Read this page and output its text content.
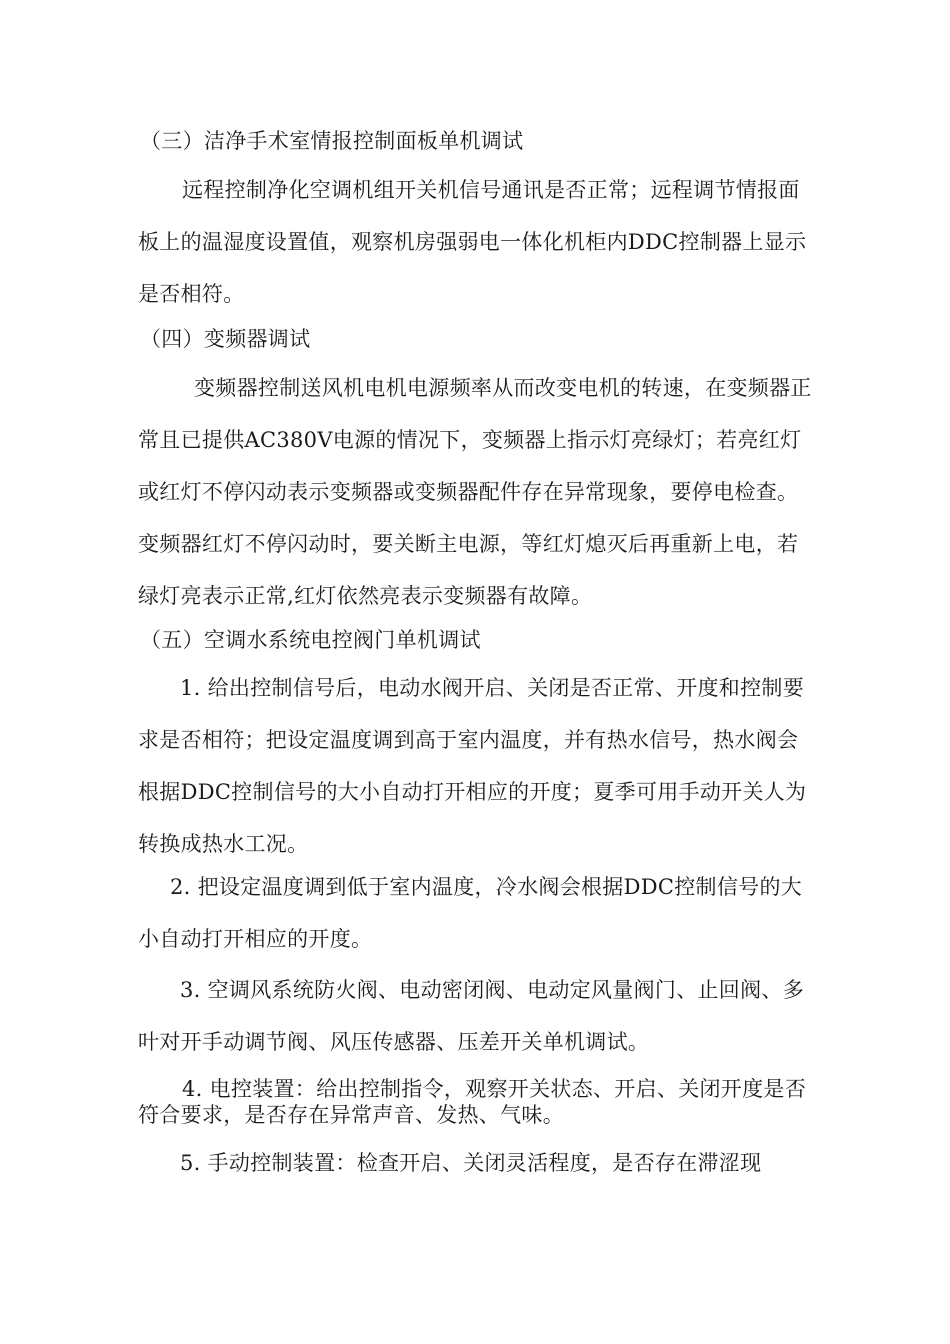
（三）洁净手术室情报控制面板单机调试
远程控制净化空调机组开关机信号通讯是否正常；远程调节情报面板上的温湿度设置值，观察机房强弱电一体化机柜内DDC控制器上显示是否相符。
（四）变频器调试
变频器控制送风机电机电源频率从而改变电机的转速，在变频器正常且已提供AC380V电源的情况下，变频器上指示灯亮绿灯；若亮红灯或红灯不停闪动表示变频器或变频器配件存在异常现象，要停电检查。变频器红灯不停闪动时，要关断主电源，等红灯熄灭后再重新上电，若绿灯亮表示正常,红灯依然亮表示变频器有故障。
（五）空调水系统电控阀门单机调试
1. 给出控制信号后，电动水阀开启、关闭是否正常、开度和控制要求是否相符；把设定温度调到高于室内温度，并有热水信号，热水阀会根据DDC控制信号的大小自动打开相应的开度；夏季可用手动开关人为转换成热水工况。
2. 把设定温度调到低于室内温度，冷水阀会根据DDC控制信号的大小自动打开相应的开度。
3. 空调风系统防火阀、电动密闭阀、电动定风量阀门、止回阀、多叶对开手动调节阀、风压传感器、压差开关单机调试。
4. 电控装置：给出控制指令，观察开关状态、开启、关闭开度是否符合要求，是否存在异常声音、发热、气味。
5. 手动控制装置：检查开启、关闭灵活程度，是否存在滞涩现
